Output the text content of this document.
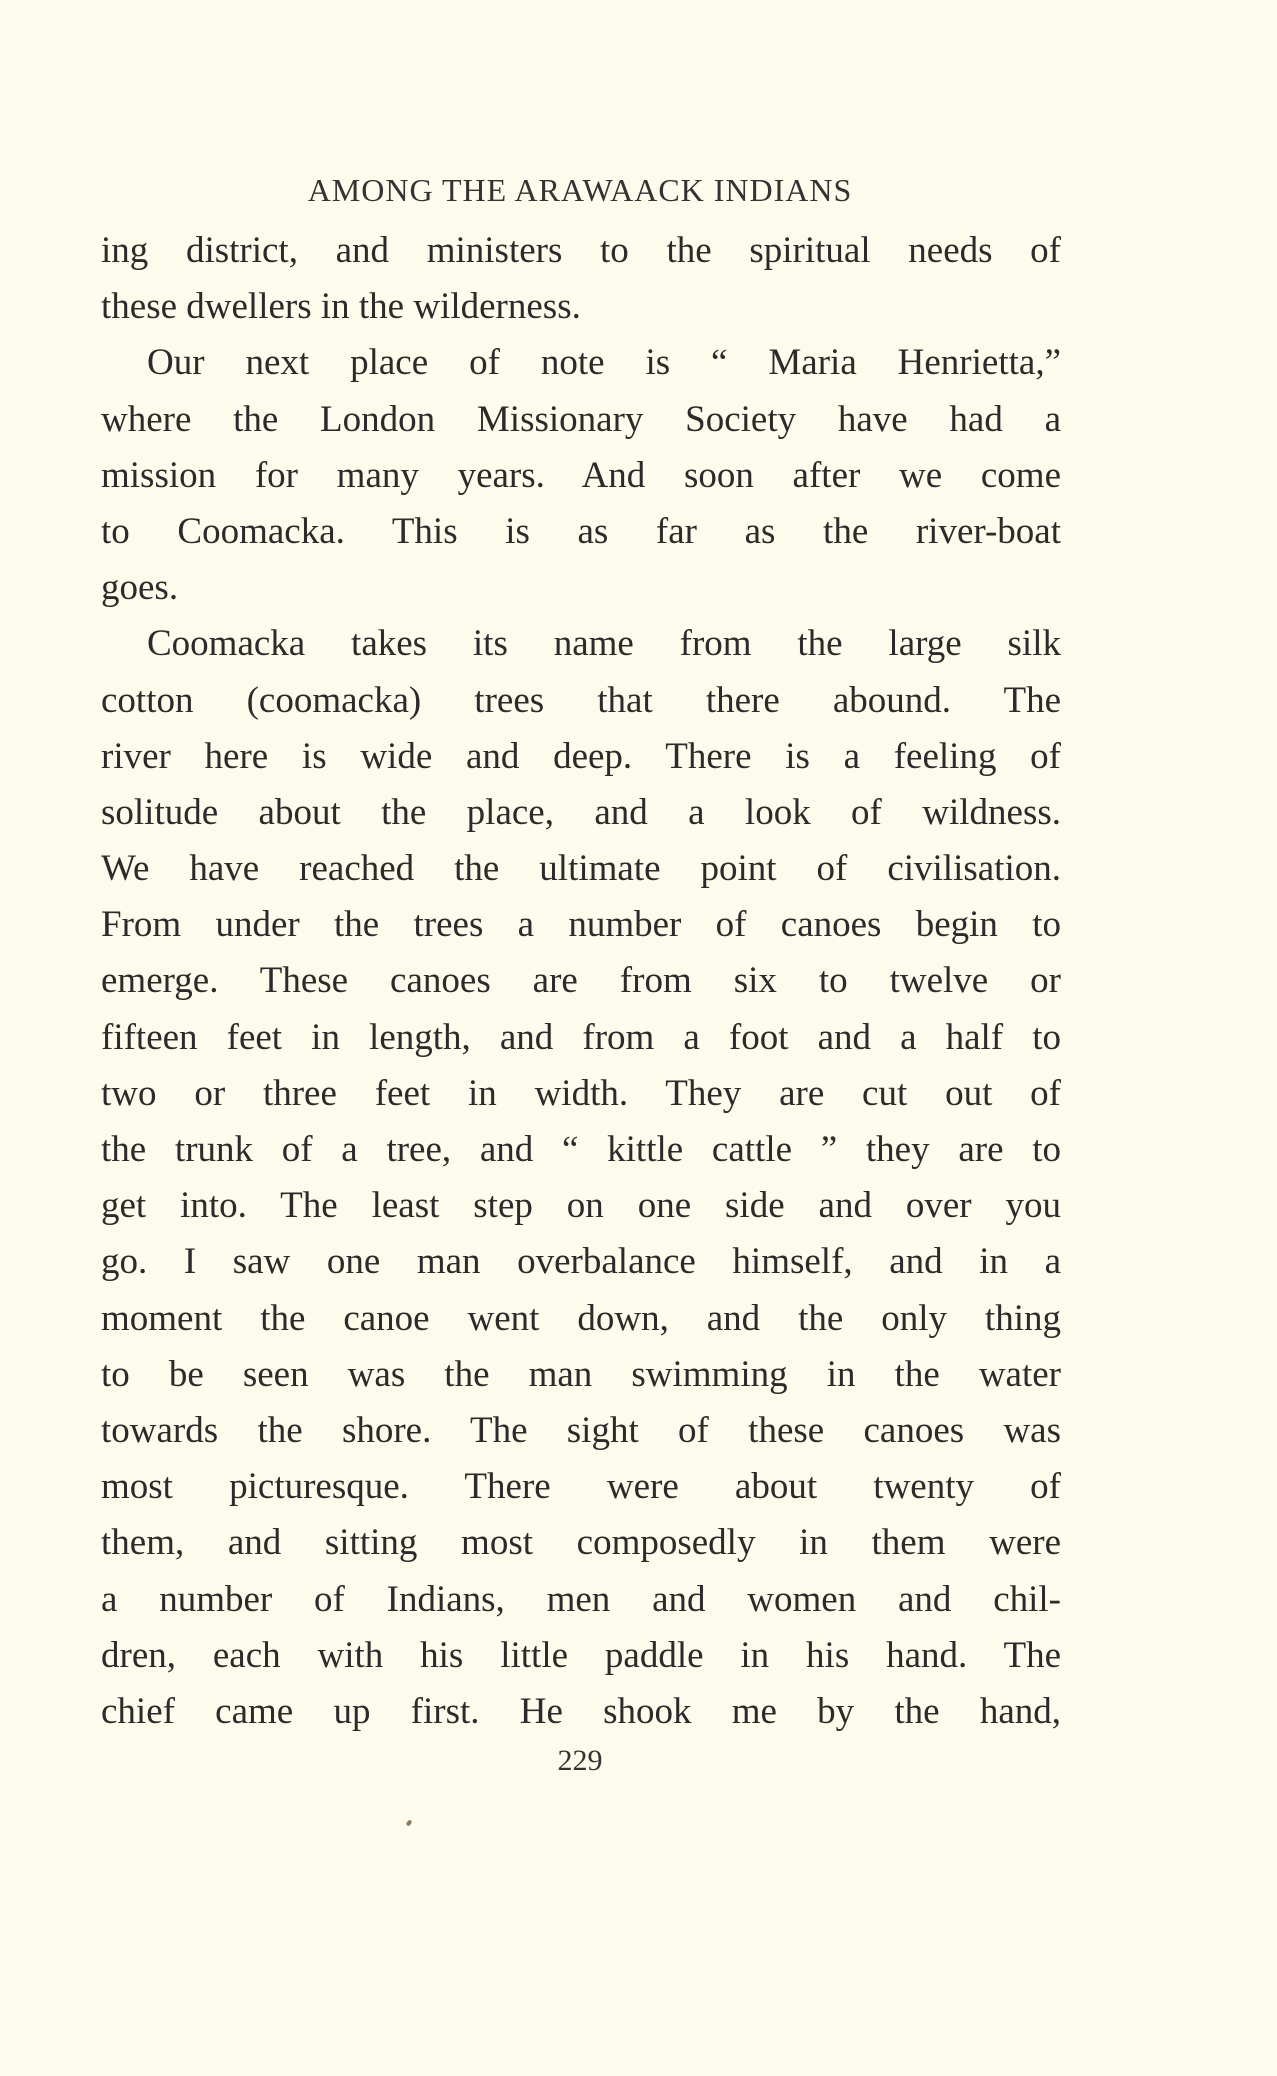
AMONG THE ARAWAACK INDIANS
ing district, and ministers to the spiritual needs of
these dwellers in the wilderness.
Our next place of note is “ Maria Henrietta,”
where the London Missionary Society have had a
mission for many years. And soon after we come
to Coomacka. This is as far as the river-boat
goes.
Coomacka takes its name from the large silk
cotton (coomacka) trees that there abound. The
river here is wide and deep. There is a feeling of
solitude about the place, and a look of wildness.
We have reached the ultimate point of civilisation.
From under the trees a number of canoes begin to
emerge. These canoes are from six to twelve or
fifteen feet in length, and from a foot and a half to
two or three feet in width. They are cut out of
the trunk of a tree, and “ kittle cattle ” they are to
get into. The least step on one side and over you
go. I saw one man overbalance himself, and in a
moment the canoe went down, and the only thing
to be seen was the man swimming in the water
towards the shore. The sight of these canoes was
most picturesque. There were about twenty of
them, and sitting most composedly in them were
a number of Indians, men and women and chil-
dren, each with his little paddle in his hand. The
chief came up first. He shook me by the hand,
229
